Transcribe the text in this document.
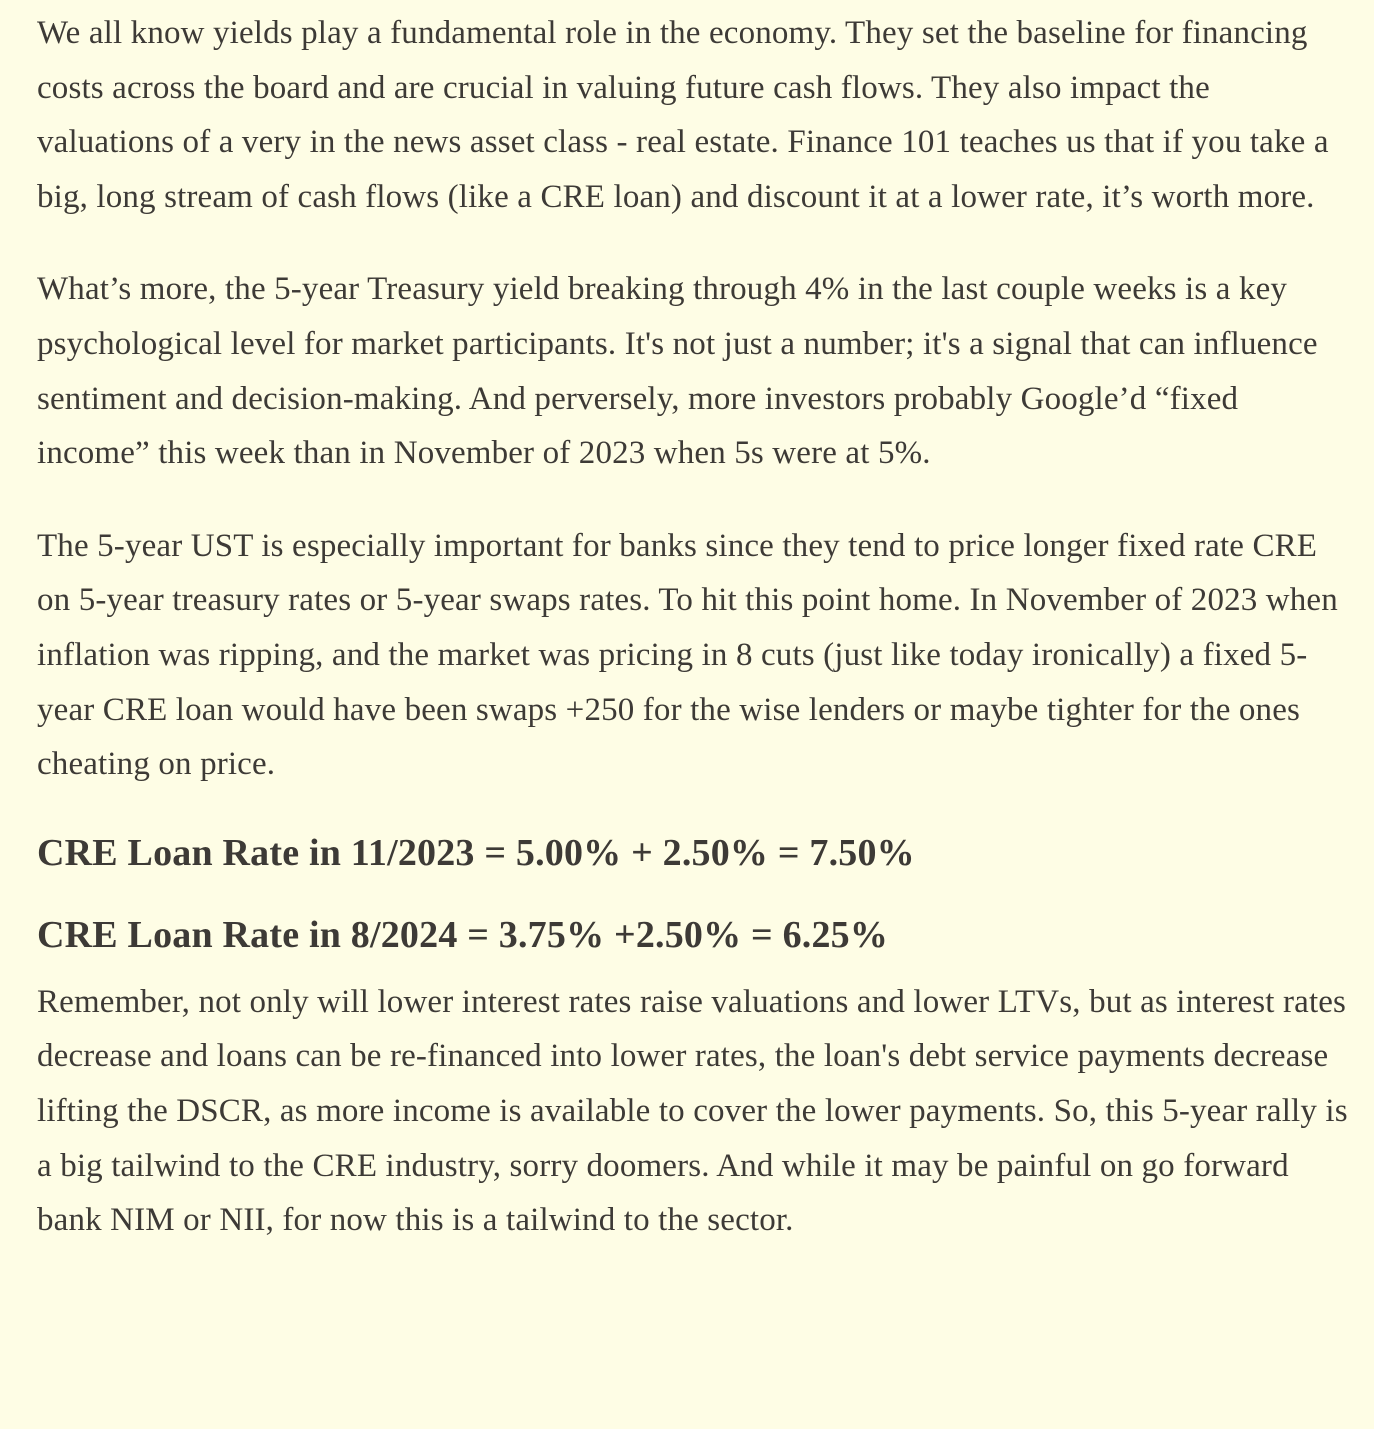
We all know yields play a fundamental role in the economy. They set the baseline for financing costs across the board and are crucial in valuing future cash flows. They also impact the valuations of a very in the news asset class - real estate. Finance 101 teaches us that if you take a big, long stream of cash flows (like a CRE loan) and discount it at a lower rate, it’s worth more.

What’s more, the 5-year Treasury yield breaking through 4% in the last couple weeks is a key psychological level for market participants. It's not just a number; it's a signal that can influence sentiment and decision-making. And perversely, more investors probably Google’d “fixed income” this week than in November of 2023 when 5s were at 5%.

The 5-year UST is especially important for banks since they tend to price longer fixed rate CRE on 5-year treasury rates or 5-year swaps rates. To hit this point home. In November of 2023 when inflation was ripping, and the market was pricing in 8 cuts (just like today ironically) a fixed 5-year CRE loan would have been swaps +250 for the wise lenders or maybe tighter for the ones cheating on price.

CRE Loan Rate in 11/2023 = 5.00% + 2.50% = 7.50%
CRE Loan Rate in 8/2024 = 3.75% +2.50% = 6.25%

Remember, not only will lower interest rates raise valuations and lower LTVs, but as interest rates decrease and loans can be re-financed into lower rates, the loan's debt service payments decrease lifting the DSCR, as more income is available to cover the lower payments. So, this 5-year rally is a big tailwind to the CRE industry, sorry doomers. And while it may be painful on go forward bank NIM or NII, for now this is a tailwind to the sector.
